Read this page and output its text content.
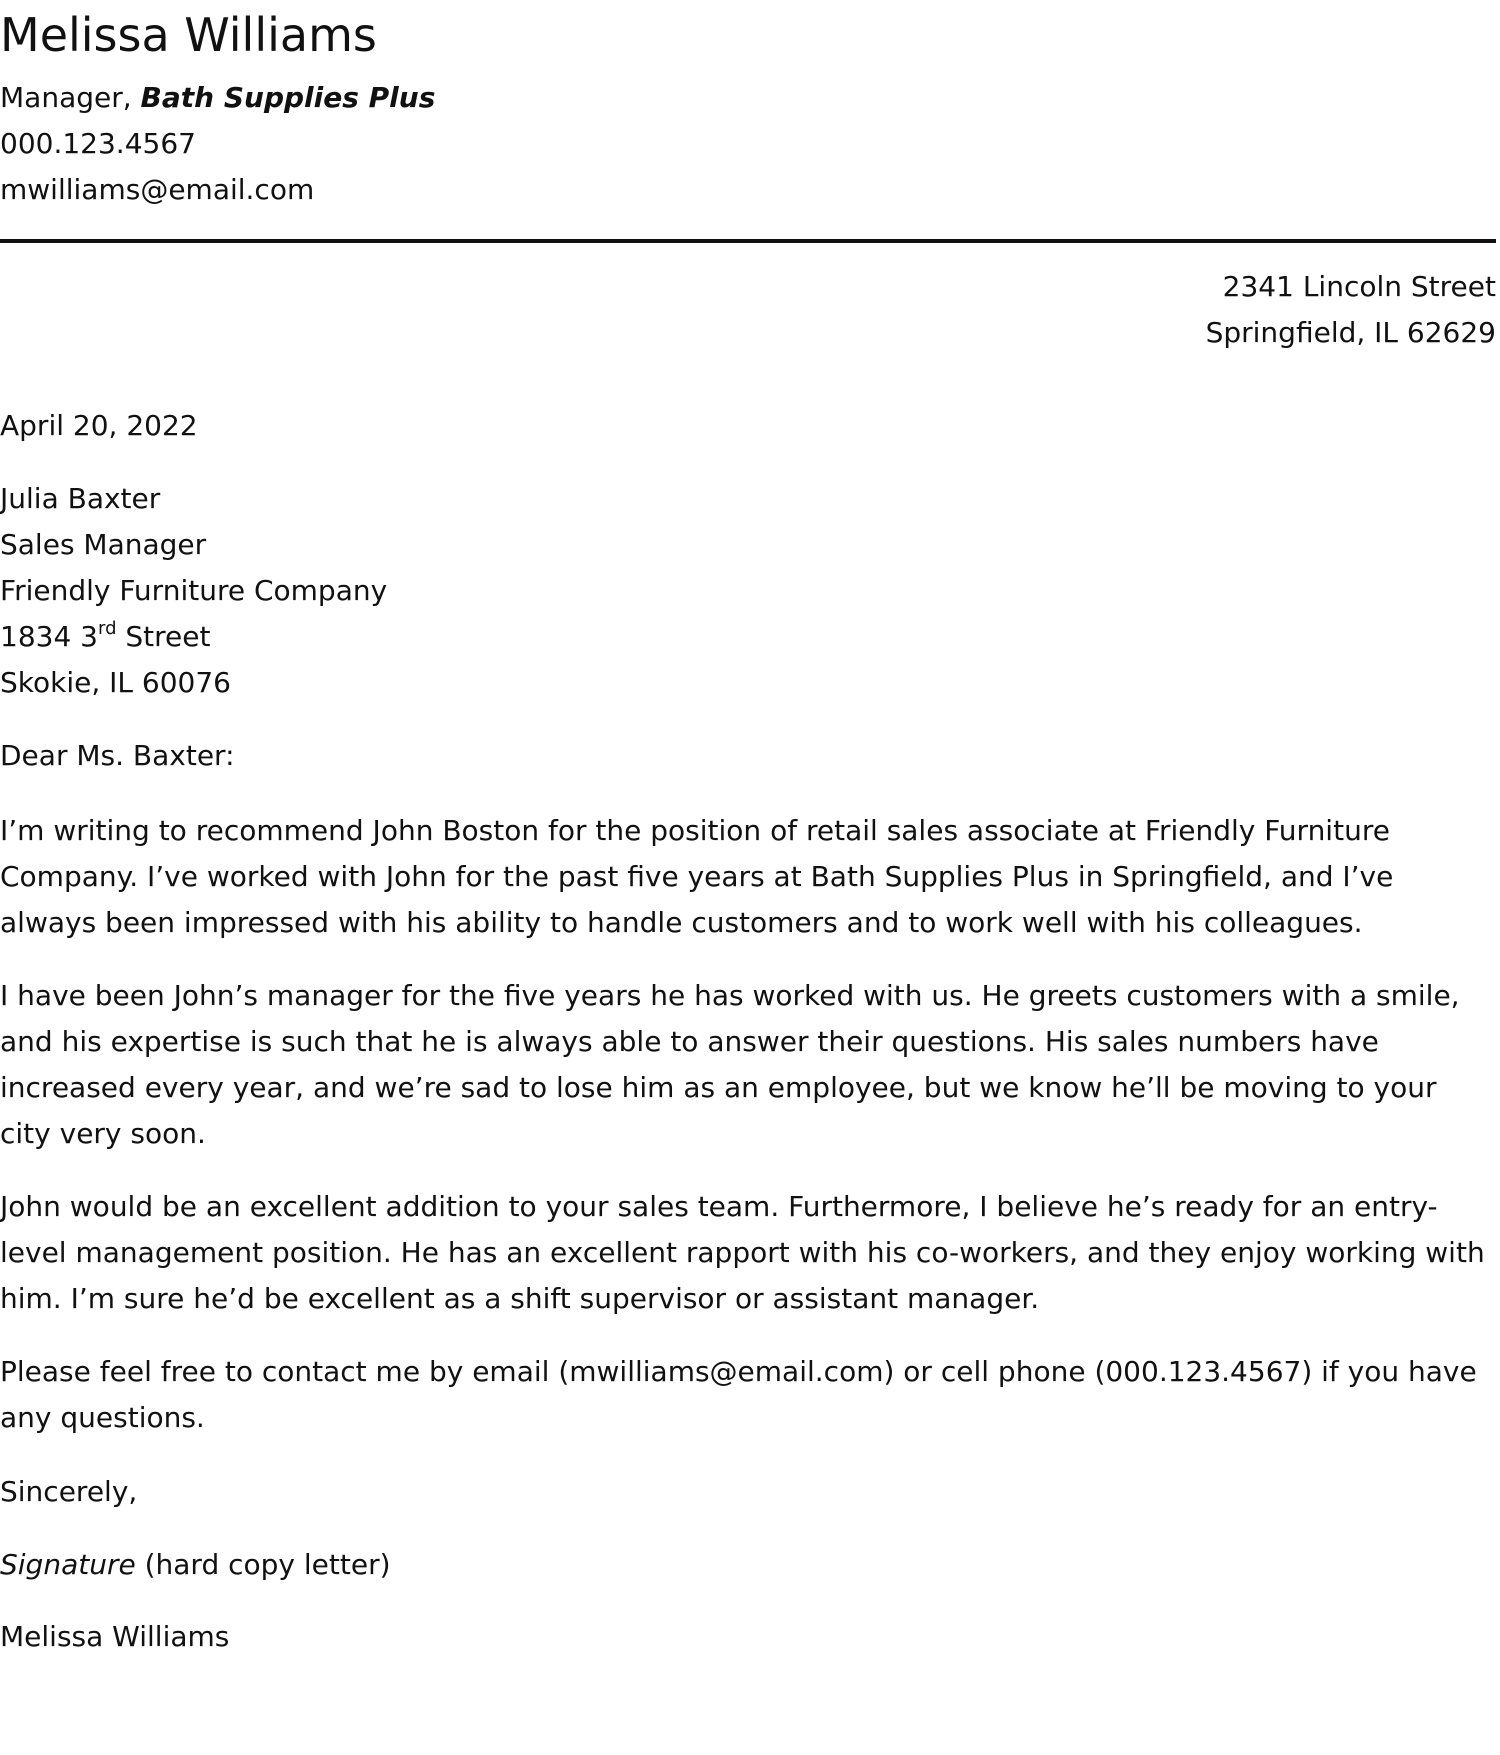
Melissa Williams

Manager, Bath Supplies Plus

000.123.4567

mwilliams@email.com

2341 Lincoln Street

Springfield, IL 62629

April 20, 2022

Julia Baxter

Sales Manager

Friendly Furniture Company

1834 3rd Street

Skokie, IL 60076

Dear Ms. Baxter:

I’m writing to recommend John Boston for the position of retail sales associate at Friendly Furniture Company. I’ve worked with John for the past five years at Bath Supplies Plus in Springfield, and I’ve always been impressed with his ability to handle customers and to work well with his colleagues.

I have been John’s manager for the five years he has worked with us. He greets customers with a smile, and his expertise is such that he is always able to answer their questions. His sales numbers have increased every year, and we’re sad to lose him as an employee, but we know he’ll be moving to your city very soon.

John would be an excellent addition to your sales team. Furthermore, I believe he’s ready for an entry-level management position. He has an excellent rapport with his co-workers, and they enjoy working with him. I’m sure he’d be excellent as a shift supervisor or assistant manager.

Please feel free to contact me by email (mwilliams@email.com) or cell phone (000.123.4567) if you have any questions.

Sincerely,

Signature (hard copy letter)

Melissa Williams
